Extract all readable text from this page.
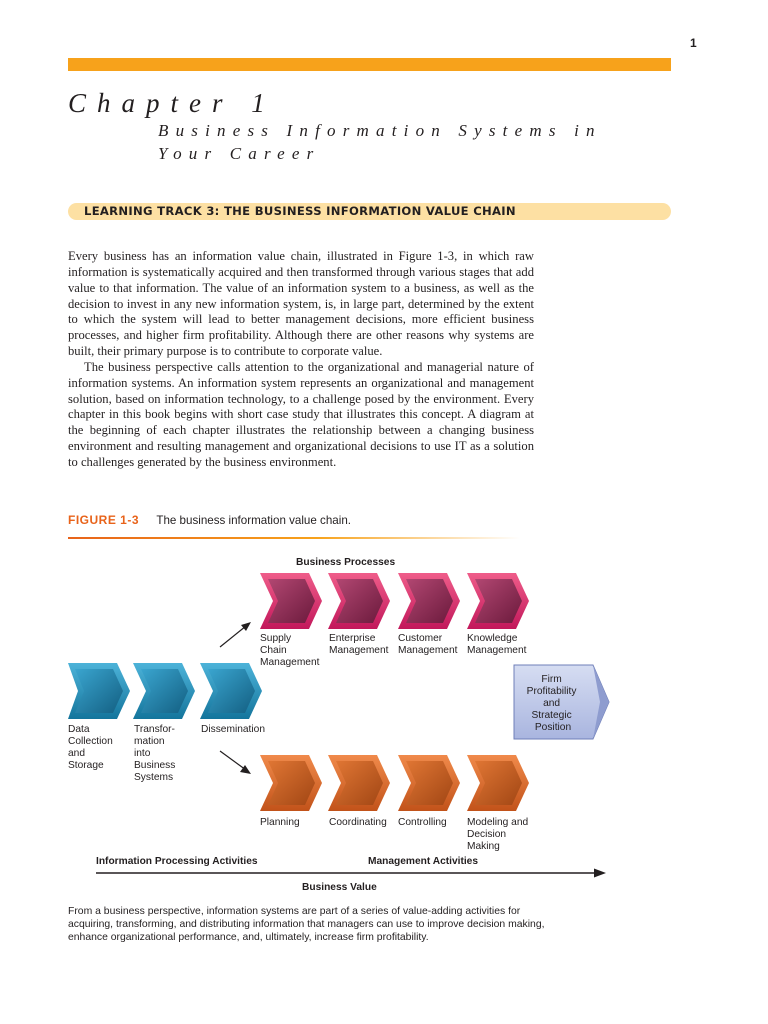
1
Chapter 1
Business Information Systems in Your Career
LEARNING TRACK 3: THE BUSINESS INFORMATION VALUE CHAIN

Every business has an information value chain, illustrated in Figure 1-3, in which raw information is systematically acquired and then transformed through various stages that add value to that information. The value of an information system to a business, as well as the decision to invest in any new information system, is, in large part, determined by the extent to which the system will lead to better management decisions, more efficient business processes, and higher firm profitability. Although there are other reasons why systems are built, their primary purpose is to contribute to corporate value.

The business perspective calls attention to the organizational and managerial nature of information systems. An information system represents an organizational and management solution, based on information technology, to a challenge posed by the environment. Every chapter in this book begins with short case study that illustrates this concept. A diagram at the beginning of each chapter illustrates the relationship between a changing business environment and resulting management and organizational decisions to use IT as a solution to challenges generated by the business environment.

FIGURE 1-3 The business information value chain.
Business Processes
Supply Chain Management
Enterprise Management
Customer Management
Knowledge Management
Data Collection and Storage
Transfor- mation into Business Systems
Dissemination
Firm Profitability and Strategic Position
Planning	Coordinating Controlling Modeling and Decision Making
Information Processing Activities	Management Activities
Business Value
From a business perspective, information systems are part of a series of value-adding activities for acquiring, transforming, and distributing information that managers can use to improve decision making, enhance organizational performance, and, ultimately, increase firm profitability.
